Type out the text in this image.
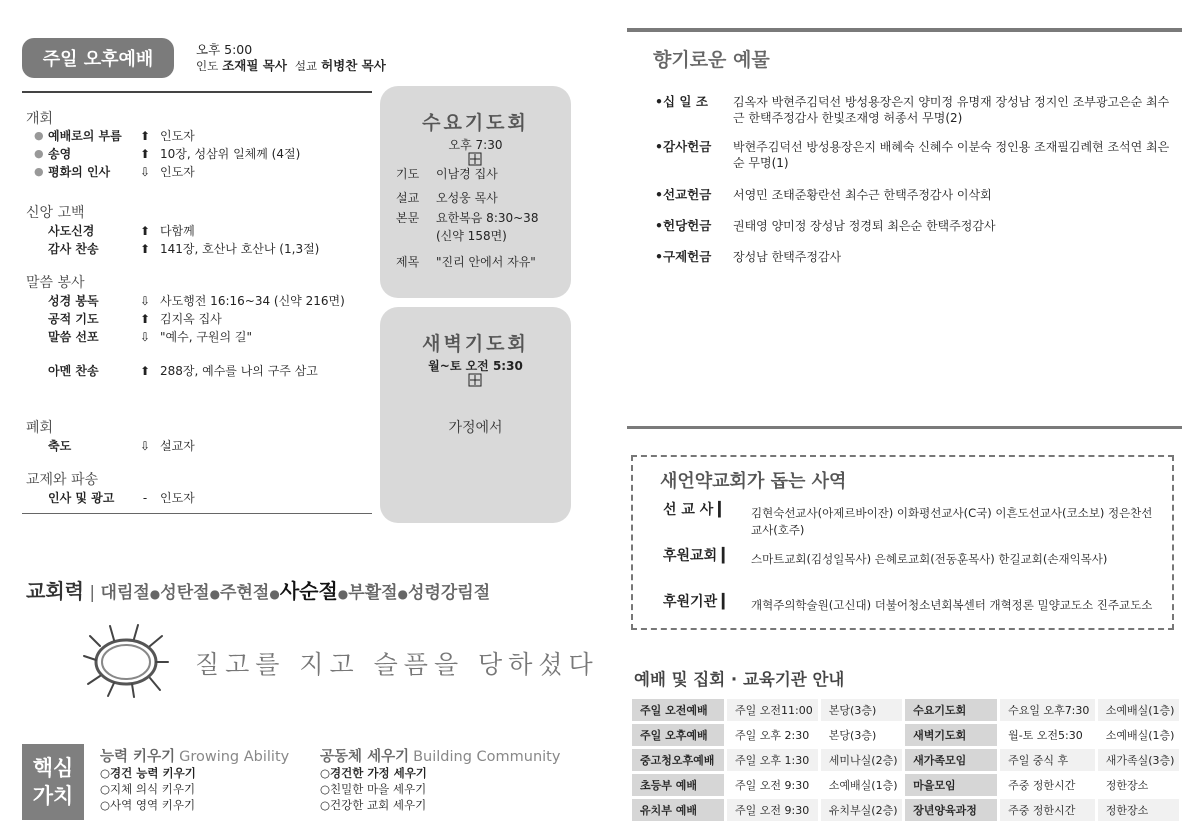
주일 오후예배	오후 5:00
인도 조재필 목사 설교 허병찬 목사
개회
● 예배로의 부름 ⬆ 인도자
● 송영	⬆ 10장, 성삼위 일체께 (4절)
● 평화의 인사 ⇩ 인도자
신앙 고백
사도신경	⬆ 다함께
감사 찬송	⬆ 141장, 호산나 호산나 (1,3절)
말씀 봉사
성경 봉독	⇩ 사도행전 16:16~34 (신약 216면)
공적 기도	⬆ 김지옥 집사
말씀 선포	⇩ "예수, 구원의 길"
아멘 찬송	⬆ 288장, 예수를 나의 구주 삼고
폐회
축도	⇩ 설교자
교제와 파송
인사 및 광고	-	인도자
수요기도회
오후 7:30
기도	이남경 집사
설교	오성웅 목사
본문	요한복음 8:30~38
(신약 158면)
제목	"진리 안에서 자유"
새벽기도회
월~토 오전 5:30
가정에서
교회력 | 대림절●성탄절●주현절●사순절●부활절●성령강림절
질고를 지고 슬픔을 당하셨다
핵심
가치
능력 키우기 Growing Ability
○경건 능력 키우기
○지체 의식 키우기
○사역 영역 키우기
공동체 세우기 Building Community
○경건한 가정 세우기
○친밀한 마을 세우기
○건강한 교회 세우기
향기로운 예물
•십 일 조 김옥자 박현주김덕선 방성용장은지 양미정 유명재 장성남 정지인 조부광고은순 최수근 한택주정감사 한빛조재영 허종서 무명(2)
•감사헌금 박현주김덕선 방성용장은지 배혜숙 신혜수 이분숙 정인용 조재필김례현 조석연 최은순 무명(1)
•선교헌금 서영민 조태준황란선 최수근 한택주정감사 이삭회
•헌당헌금 권태영 양미정 장성남 정경퇴 최은순 한택주정감사
•구제헌금 장성남 한택주정감사
새언약교회가 돕는 사역
선 교 사 ▎ 김현숙선교사(아제르바이잔) 이화평선교사(C국) 이흔도선교사(코소보) 정은찬선교사(호주)
후원교회 ▎ 스마트교회(김성일목사) 은혜로교회(전동훈목사) 한길교회(손재익목사)
후원기관 ▎ 개혁주의학술원(고신대) 더불어청소년회복센터 개혁정론 밀양교도소 진주교도소
예배 및 집회 · 교육기관 안내
주일 오전예배	주일 오전11:00	본당(3층)	수요기도회	수요일 오후7:30	소예배실(1층)
주일 오후예배	주일 오후 2:30	본당(3층)	새벽기도회	월-토 오전5:30	소예배실(1층)
중고청오후예배	주일 오후 1:30	세미나실(2층)	새가족모임	주일 중식 후	새가족실(3층)
초등부 예배	주일 오전 9:30	소예배실(1층)	마을모임	주중 정한시간	정한장소
유치부 예배	주일 오전 9:30	유치부실(2층)	장년양육과정	주중 정한시간	정한장소
